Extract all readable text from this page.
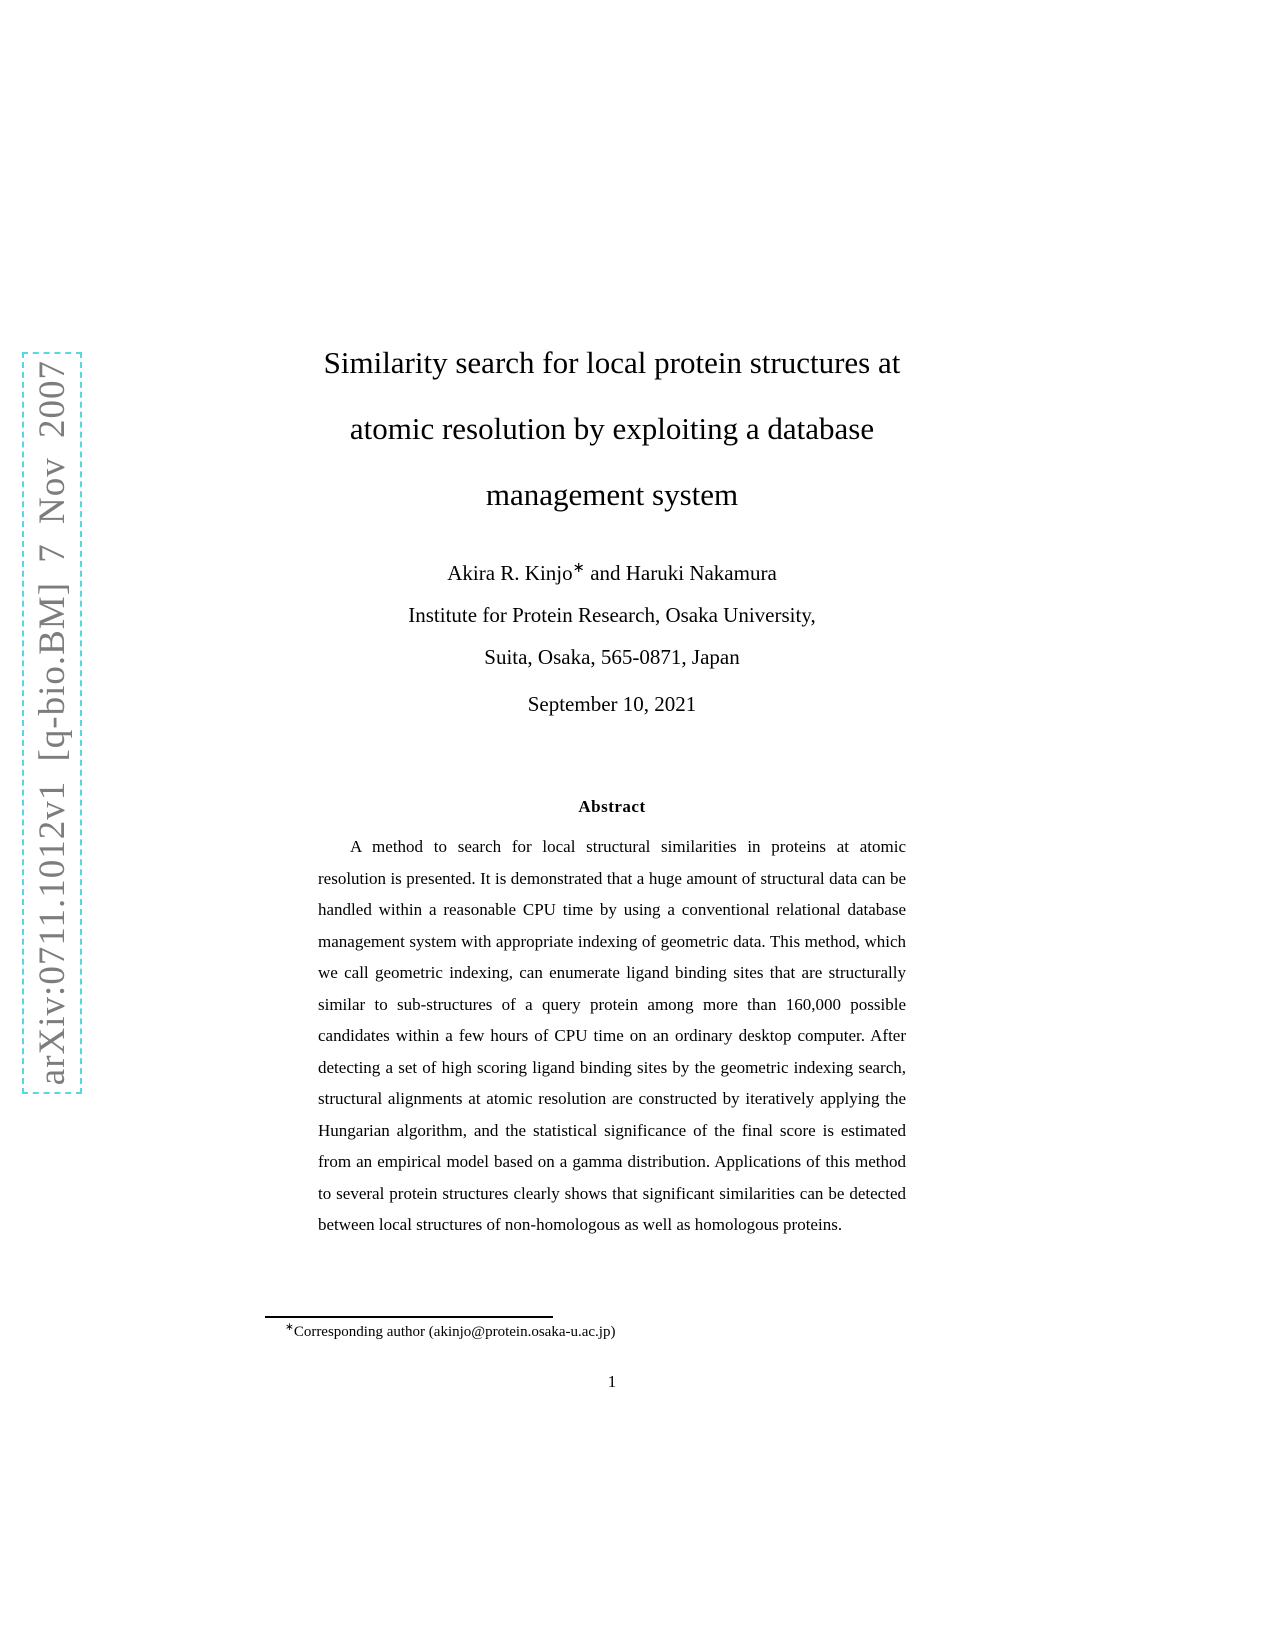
arXiv:0711.1012v1 [q-bio.BM] 7 Nov 2007	Similarity search for local protein structures at
atomic resolution by exploiting a database
management system
Akira R. Kinjo∗ and Haruki Nakamura
Institute for Protein Research, Osaka University,
Suita, Osaka, 565-0871, Japan
September 10, 2021
Abstract
A method to search for local structural similarities in proteins at atomic resolution is presented. It is demonstrated that a huge amount of structural data can be handled within a reasonable CPU time by using a conventional relational database management system with appropriate indexing of geometric data. This method, which we call geometric indexing, can enumerate ligand binding sites that are structurally similar to sub-structures of a query protein among more than 160,000 possible candidates within a few hours of CPU time on an ordinary desktop computer. After detecting a set of high scoring ligand binding sites by the geometric indexing search, structural alignments at atomic resolution are constructed by iteratively applying the Hungarian algorithm, and the statistical significance of the final score is estimated from an empirical model based on a gamma distribution. Applications of this method to several protein structures clearly shows that significant similarities can be detected between local structures of non-homologous as well as homologous proteins.
∗Corresponding author (akinjo@protein.osaka-u.ac.jp)
1
